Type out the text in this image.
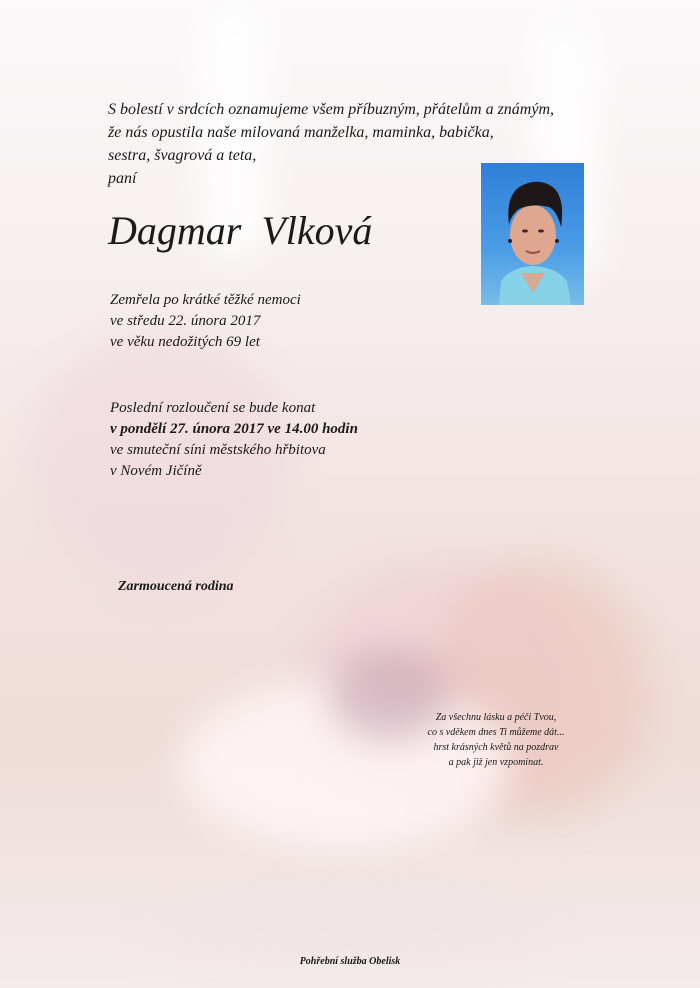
S bolestí v srdcích oznamujeme všem příbuzným, přátelům a známým,
že nás opustila naše milovaná manželka, maminka, babička,
sestra, švagrová a teta,
paní
Dagmar  Vlková
Zemřela po krátké těžké nemoci
ve středu 22. února 2017
ve věku nedožitých 69 let
Poslední rozloučení se bude konat
v pondělí 27. února 2017 ve 14.00 hodin
ve smuteční síni městského hřbitova
v Novém Jičíně
Zarmoucená rodina
Za všechnu lásku a péči Tvou,
co s vděkem dnes Ti můžeme dát...
hrst krásných květů na pozdrav
a pak již jen vzpomínat.
Pohřební služba Obelisk
